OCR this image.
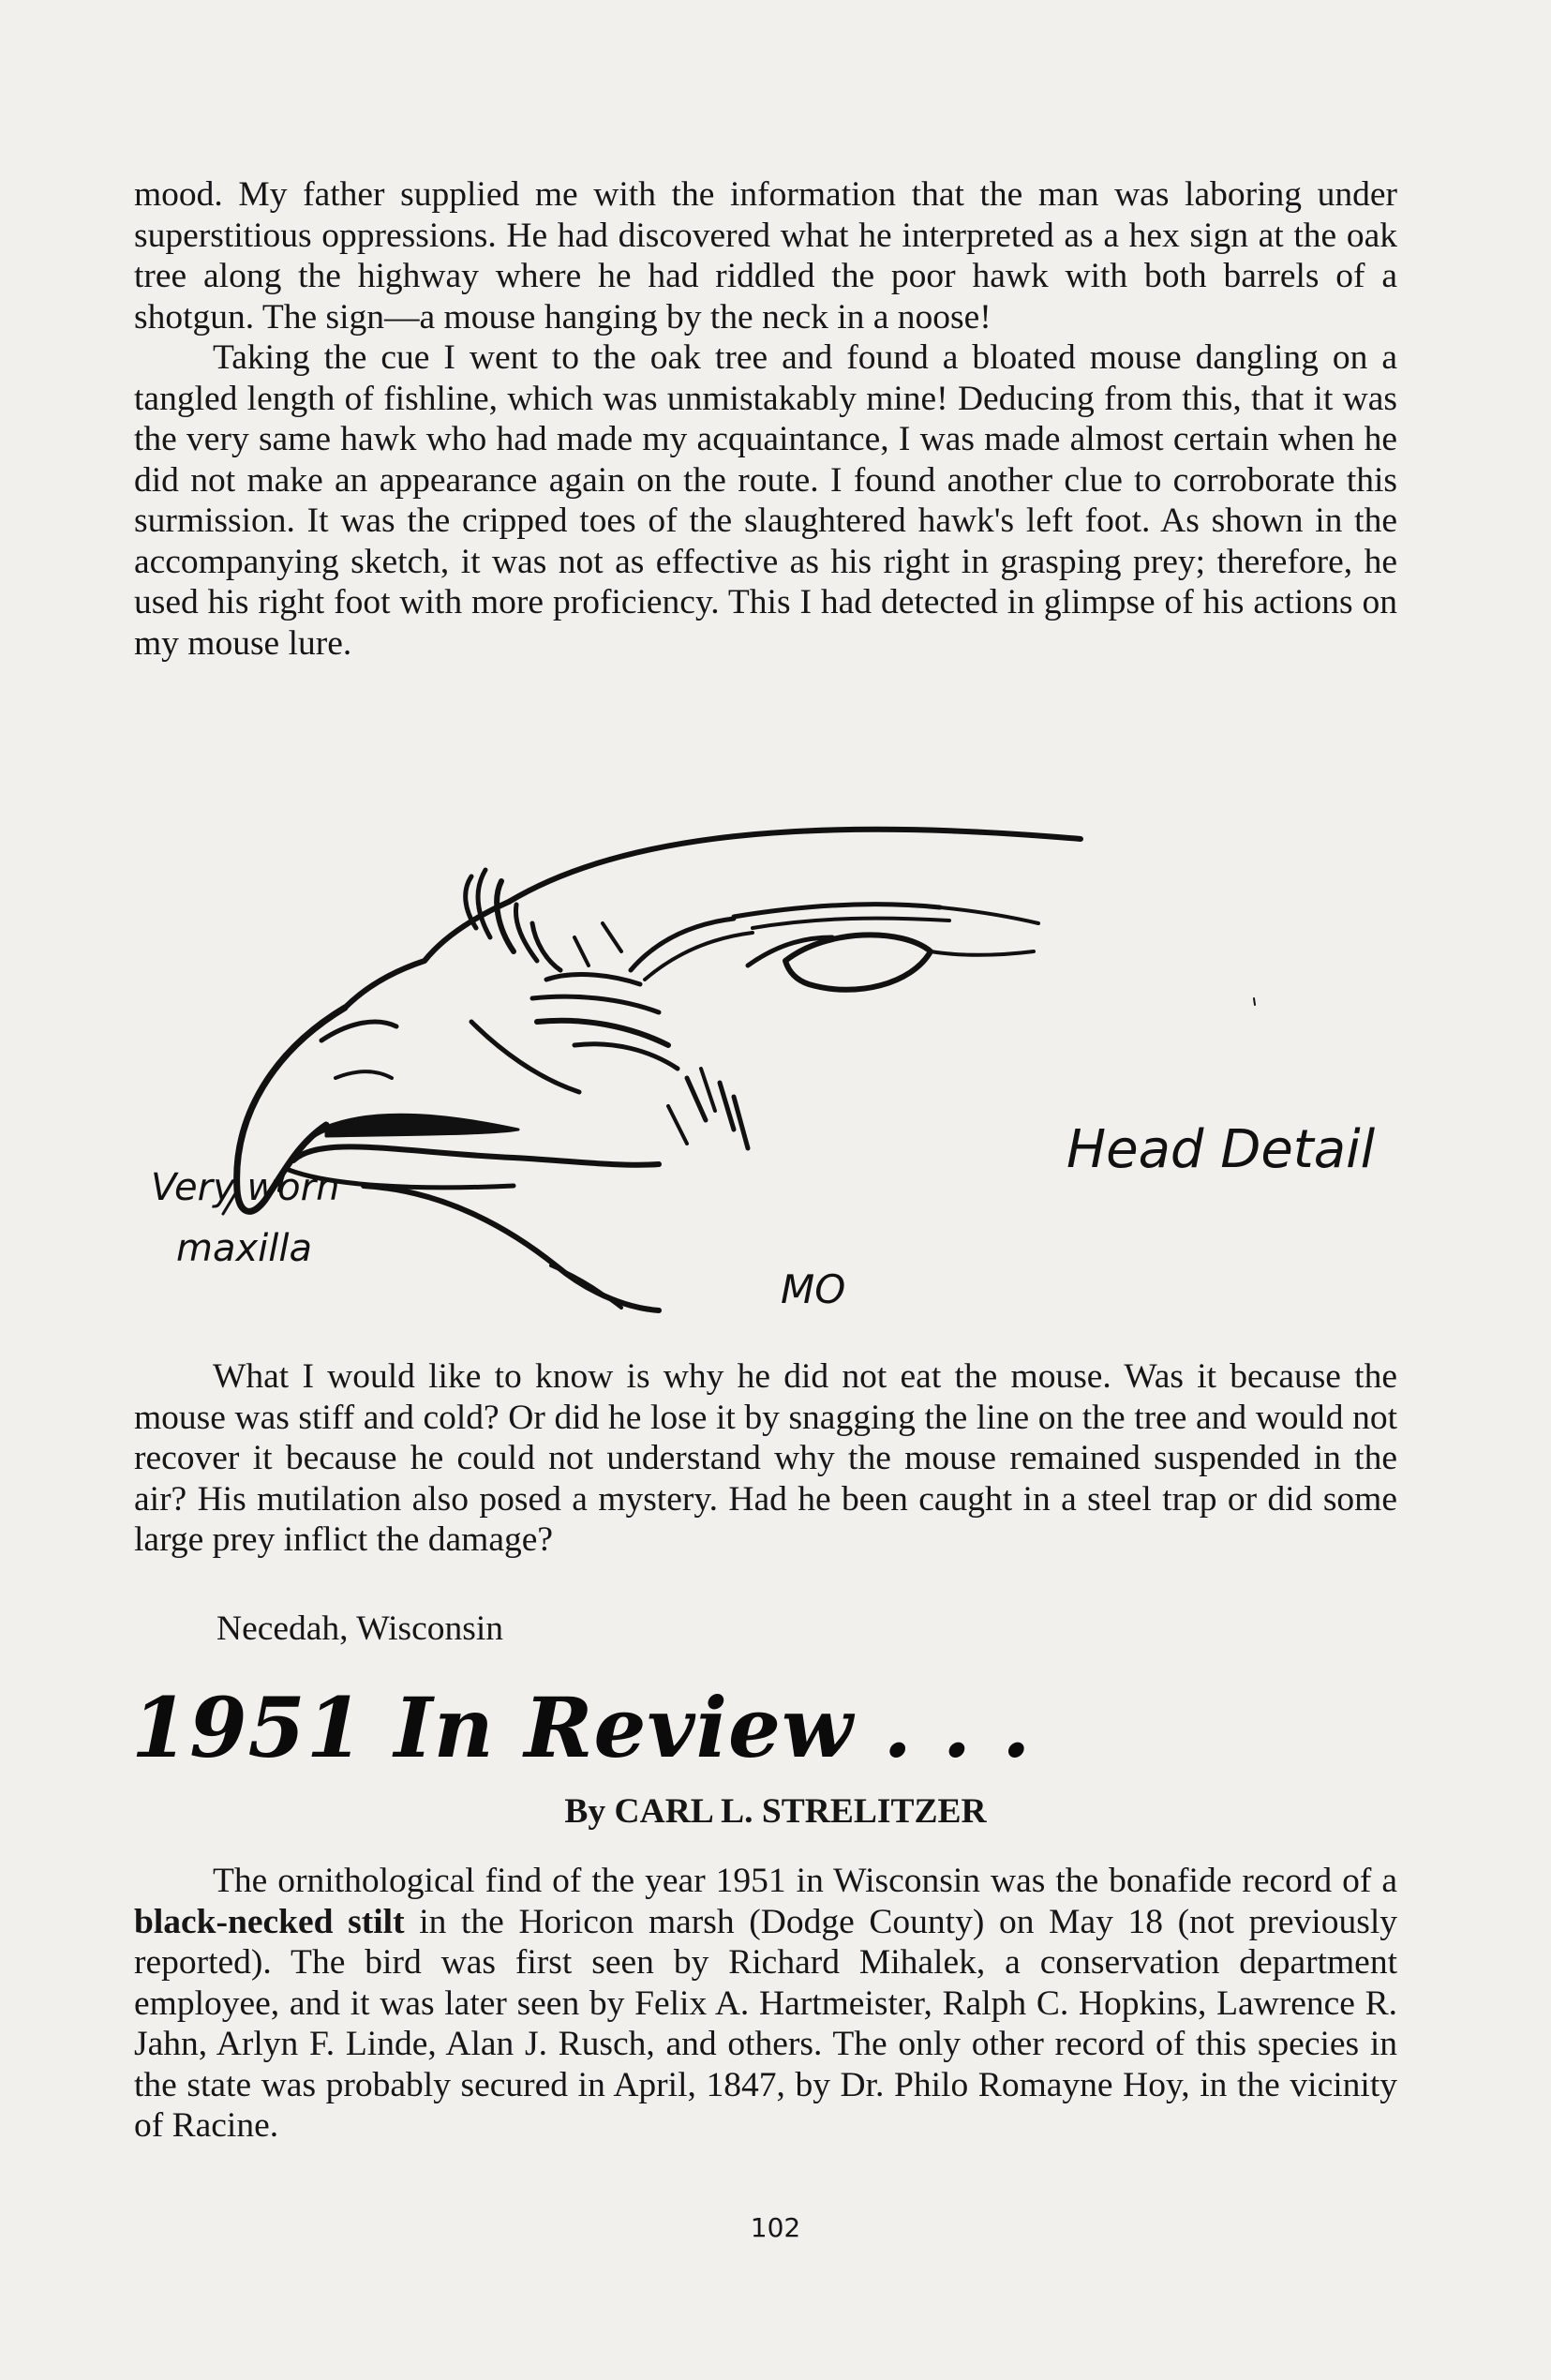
mood. My father supplied me with the information that the man was laboring under superstitious oppressions. He had discovered what he interpreted as a hex sign at the oak tree along the highway where he had riddled the poor hawk with both barrels of a shotgun. The sign—a mouse hanging by the neck in a noose!

Taking the cue I went to the oak tree and found a bloated mouse dangling on a tangled length of fishline, which was unmistakably mine! Deducing from this, that it was the very same hawk who had made my acquaintance, I was made almost certain when he did not make an appearance again on the route. I found another clue to corroborate this surmission. It was the cripped toes of the slaughtered hawk's left foot. As shown in the accompanying sketch, it was not as effective as his right in grasping prey; therefore, he used his right foot with more proficiency. This I had detected in glimpse of his actions on my mouse lure.

Very worn
maxilla
Head Detail
MO

What I would like to know is why he did not eat the mouse. Was it because the mouse was stiff and cold? Or did he lose it by snagging the line on the tree and would not recover it because he could not understand why the mouse remained suspended in the air? His mutilation also posed a mystery. Had he been caught in a steel trap or did some large prey inflict the damage?

Necedah, Wisconsin

1951 In Review . . .

By CARL L. STRELITZER

The ornithological find of the year 1951 in Wisconsin was the bonafide record of a black-necked stilt in the Horicon marsh (Dodge County) on May 18 (not previously reported). The bird was first seen by Richard Mihalek, a conservation department employee, and it was later seen by Felix A. Hartmeister, Ralph C. Hopkins, Lawrence R. Jahn, Arlyn F. Linde, Alan J. Rusch, and others. The only other record of this species in the state was probably secured in April, 1847, by Dr. Philo Romayne Hoy, in the vicinity of Racine.

102
